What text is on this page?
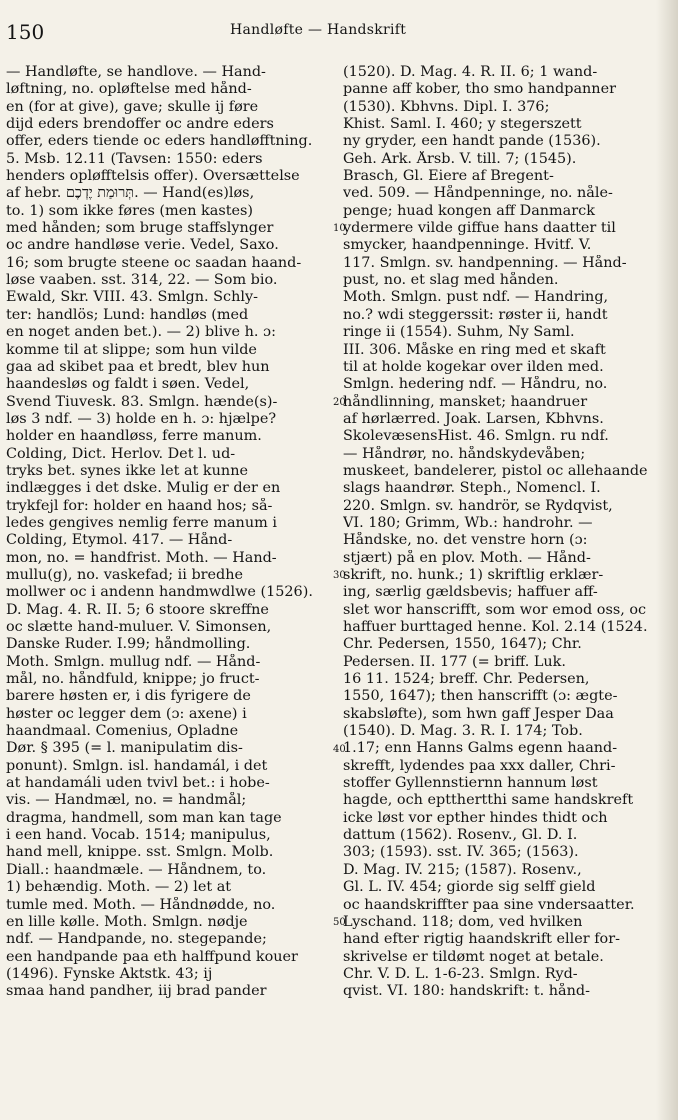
150	Handløfte — Handskrift
— Handløfte, se handlove. — Hand-
løftning, no. opløftelse med hånd-
en (for at give), gave; skulle ij føre
dijd eders brendoffer oc andre eders
offer, eders tiende oc eders handløfftning.
5. Msb. 12.11 (Tavsen: 1550: eders
henders opløfftelsis offer). Oversættelse
af hebr. תְּרוּמַת יֶדְכֶם. — Hand(es)løs,
to. 1) som ikke føres (men kastes)
med hånden; som bruge staffslynger
oc andre handløse verie. Vedel, Saxo.
16; som brugte steene oc saadan haand-
løse vaaben. sst. 314, 22. — Som bio.
Ewald, Skr. VIII. 43. Smlgn. Schly-
ter: handlös; Lund: handløs (med
en noget anden bet.). — 2) blive h. ɔ:
komme til at slippe; som hun vilde
gaa ad skibet paa et bredt, blev hun
haandesløs og faldt i søen. Vedel,
Svend Tiuvesk. 83. Smlgn. hænde(s)-
løs 3 ndf. — 3) holde en h. ɔ: hjælpe?
holder en haandløss, ferre manum.
Colding, Dict. Herlov. Det l. ud-
tryks bet. synes ikke let at kunne
indlægges i det dske. Mulig er der en
trykfejl for: holder en haand hos; så-
ledes gengives nemlig ferre manum i
Colding, Etymol. 417. — Hånd-
mon, no. = handfrist. Moth. — Hand-
mullu(g), no. vaskefad; ii bredhe
mollwer oc i andenn handmwdlwe (1526).
D. Mag. 4. R. II. 5; 6 stoore skreffne
oc slætte hand-muluer. V. Simonsen,
Danske Ruder. I.99; håndmolling.
Moth. Smlgn. mullug ndf. — Hånd-
mål, no. håndfuld, knippe; jo fruct-
barere høsten er, i dis fyrigere de
høster oc legger dem (ɔ: axene) i
haandmaal. Comenius, Opladne
Dør. § 395 (= l. manipulatim dis-
ponunt). Smlgn. isl. handamál, i det
at handamáli uden tvivl bet.: i hobe-
vis. — Handmæl, no. = handmål;
dragma, handmell, som man kan tage
i een hand. Vocab. 1514; manipulus,
hand mell, knippe. sst. Smlgn. Molb.
Diall.: haandmæle. — Håndnem, to.
1) behændig. Moth. — 2) let at
tumle med. Moth. — Håndnødde, no.
en lille kølle. Moth. Smlgn. nødje
ndf. — Handpande, no. stegepande;
een handpande paa eth halffpund kouer
(1496). Fynske Aktstk. 43; ij
smaa hand pandher, iij brad pander
10
20
30
40
50
(1520). D. Mag. 4. R. II. 6; 1 wand-
panne aff kober, tho smo handpanner
(1530). Kbhvns. Dipl. I. 376;
Khist. Saml. I. 460; y stegerszett
ny gryder, een handt pande (1536).
Geh. Ark. Årsb. V. till. 7; (1545).
Brasch, Gl. Eiere af Bregent-
ved. 509. — Håndpenninge, no. nåle-
penge; huad kongen aff Danmarck
ydermere vilde giffue hans daatter til
smycker, haandpenninge. Hvitf. V.
117. Smlgn. sv. handpenning. — Hånd-
pust, no. et slag med hånden.
Moth. Smlgn. pust ndf. — Handring,
no.? wdi steggerssit: røster ii, handt
ringe ii (1554). Suhm, Ny Saml.
III. 306. Måske en ring med et skaft
til at holde kogekar over ilden med.
Smlgn. hedering ndf. — Håndru, no.
håndlinning, mansket; haandruer
af hørlærred. Joak. Larsen, Kbhvns.
SkolevæsensHist. 46. Smlgn. ru ndf.
— Håndrør, no. håndskydevåben;
muskeet, bandelerer, pistol oc allehaande
slags haandrør. Steph., Nomencl. I.
220. Smlgn. sv. handrör, se Rydqvist,
VI. 180; Grimm, Wb.: handrohr. —
Håndske, no. det venstre horn (ɔ:
stjært) på en plov. Moth. — Hånd-
skrift, no. hunk.; 1) skriftlig erklær-
ing, særlig gældsbevis; haffuer aff-
slet wor hanscrifft, som wor emod oss, oc
haffuer burttaged henne. Kol. 2.14 (1524.
Chr. Pedersen, 1550, 1647); Chr.
Pedersen. II. 177 (= briff. Luk.
16 11. 1524; breff. Chr. Pedersen,
1550, 1647); then hanscrifft (ɔ: ægte-
skabsløfte), som hwn gaff Jesper Daa
(1540). D. Mag. 3. R. I. 174; Tob.
1.17; enn Hanns Galms egenn haand-
skrefft, lydendes paa xxx daller, Chri-
stoffer Gyllennstiernn hannum løst
hagde, och eptthertthi same handskreft
icke løst vor epther hindes thidt och
dattum (1562). Rosenv., Gl. D. I.
303; (1593). sst. IV. 365; (1563).
D. Mag. IV. 215; (1587). Rosenv.,
Gl. L. IV. 454; giorde sig selff gield
oc haandskriffter paa sine vndersaatter.
Lyschand. 118; dom, ved hvilken
hand efter rigtig haandskrift eller for-
skrivelse er tildømt noget at betale.
Chr. V. D. L. 1-6-23. Smlgn. Ryd-
qvist. VI. 180: handskrift: t. hånd-
